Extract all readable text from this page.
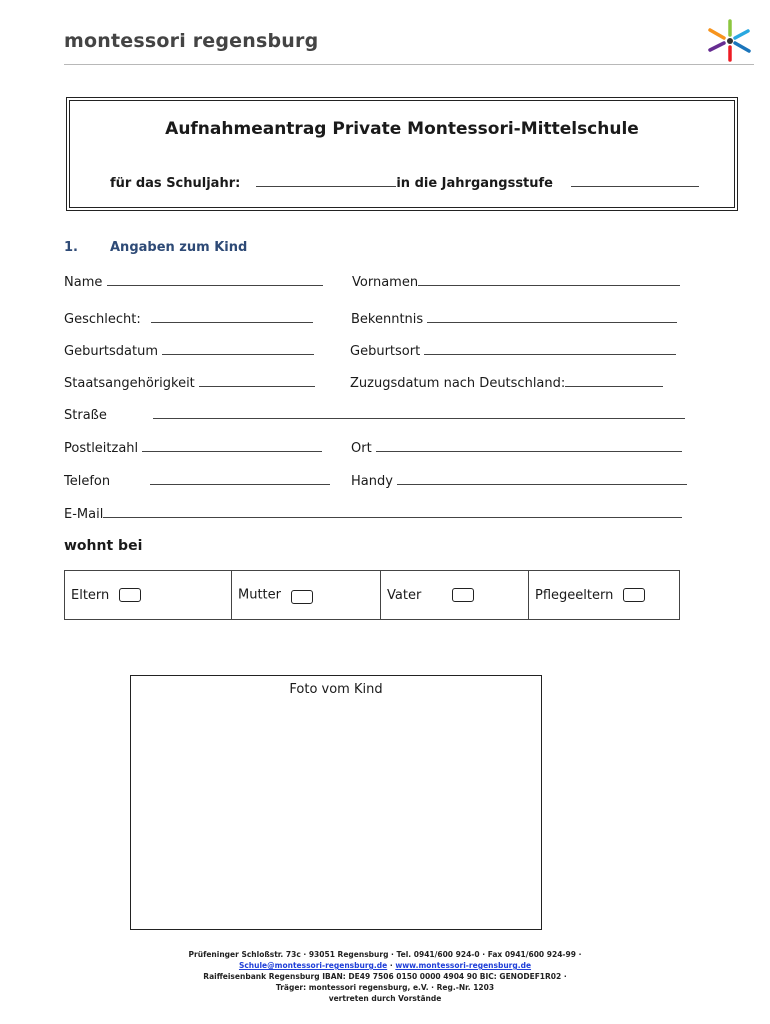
montessori regensburg
Aufnahmeantrag Private Montessori-Mittelschule
für das Schuljahr:	in die Jahrgangsstufe
1. Angaben zum Kind
Name	Vornamen
Geschlecht:	Bekenntnis
Geburtsdatum	Geburtsort
Staatsangehörigkeit	Zuzugsdatum nach Deutschland:
Straße
Postleitzahl	Ort
Telefon	Handy
E-Mail
wohnt bei
Eltern	Mutter	Vater	Pflegeeltern
Foto vom Kind
Prüfeninger Schloßstr. 73c · 93051 Regensburg · Tel. 0941/600 924-0 · Fax 0941/600 924-99 ·
Schule@montessori-regensburg.de · www.montessori-regensburg.de
Raiffeisenbank Regensburg IBAN: DE49 7506 0150 0000 4904 90 BIC: GENODEF1R02 ·
Träger: montessori regensburg, e.V. · Reg.-Nr. 1203
vertreten durch Vorstände
